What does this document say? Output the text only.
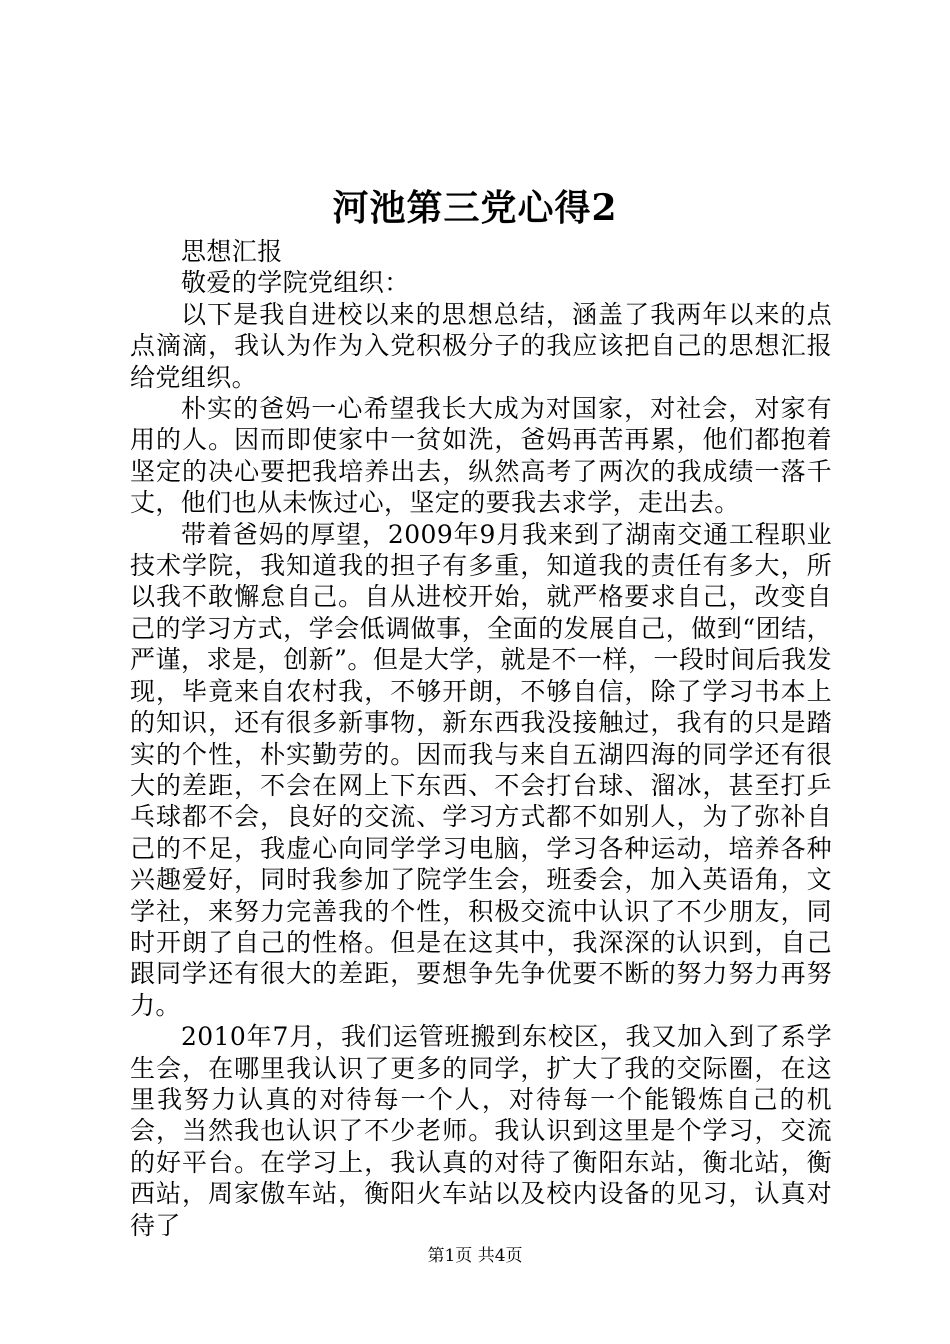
河池第三党心得2

思想汇报

敬爱的学院党组织：

以下是我自进校以来的思想总结，涵盖了我两年以来的点点滴滴，我认为作为入党积极分子的我应该把自己的思想汇报给党组织。

朴实的爸妈一心希望我长大成为对国家，对社会，对家有用的人。因而即使家中一贫如洗，爸妈再苦再累，他们都抱着坚定的决心要把我培养出去，纵然高考了两次的我成绩一落千丈，他们也从未恢过心，坚定的要我去求学，走出去。

带着爸妈的厚望，2009年9月我来到了湖南交通工程职业技术学院，我知道我的担子有多重，知道我的责任有多大，所以我不敢懈怠自己。自从进校开始，就严格要求自己，改变自己的学习方式，学会低调做事，全面的发展自己，做到“团结，严谨，求是，创新”。但是大学，就是不一样，一段时间后我发现，毕竟来自农村我，不够开朗，不够自信，除了学习书本上的知识，还有很多新事物，新东西我没接触过，我有的只是踏实的个性，朴实勤劳的。因而我与来自五湖四海的同学还有很大的差距，不会在网上下东西、不会打台球、溜冰，甚至打乒乓球都不会，良好的交流、学习方式都不如别人，为了弥补自己的不足，我虚心向同学学习电脑，学习各种运动，培养各种兴趣爱好，同时我参加了院学生会，班委会，加入英语角，文学社，来努力完善我的个性，积极交流中认识了不少朋友，同时开朗了自己的性格。但是在这其中，我深深的认识到，自己跟同学还有很大的差距，要想争先争优要不断的努力努力再努力。

2010年7月，我们运管班搬到东校区，我又加入到了系学生会，在哪里我认识了更多的同学，扩大了我的交际圈，在这里我努力认真的对待每一个人，对待每一个能锻炼自己的机会，当然我也认识了不少老师。我认识到这里是个学习，交流的好平台。在学习上，我认真的对待了衡阳东站，衡北站，衡西站，周家傲车站，衡阳火车站以及校内设备的见习，认真对待了

第1页 共4页
